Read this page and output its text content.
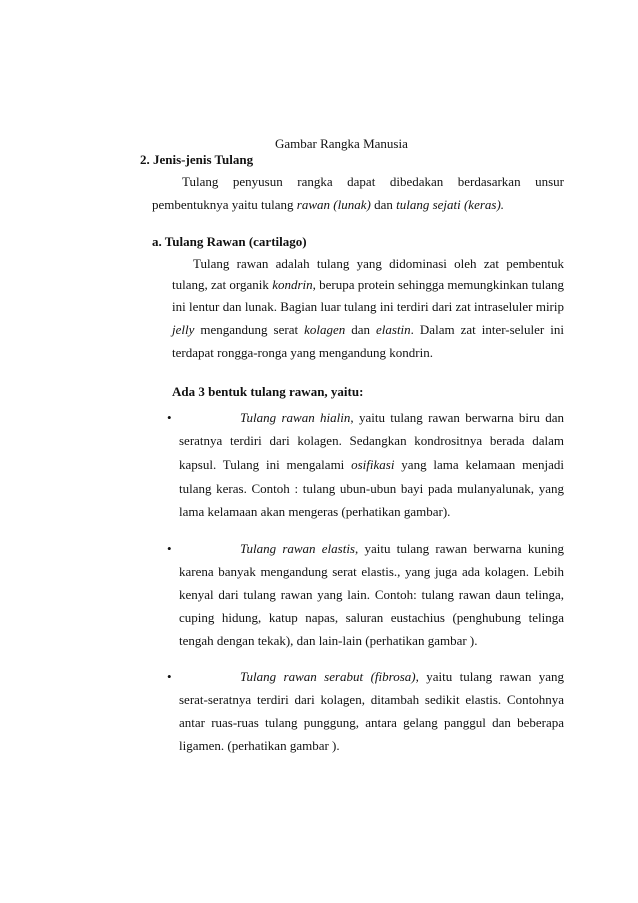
Gambar Rangka Manusia
2. Jenis-jenis Tulang
Tulang penyusun rangka dapat dibedakan berdasarkan unsur
pembentuknya yaitu tulang rawan (lunak) dan tulang sejati (keras).
a. Tulang Rawan (cartilago)
Tulang rawan adalah tulang yang didominasi oleh zat pembentuk
tulang, zat organik kondrin, berupa protein sehingga memungkinkan tulang
ini lentur dan lunak. Bagian luar tulang ini terdiri dari zat intraseluler mirip
jelly mengandung serat kolagen dan elastin. Dalam zat inter-seluler ini
terdapat rongga-ronga yang mengandung kondrin.
Ada 3 bentuk tulang rawan, yaitu:
•	Tulang rawan hialin, yaitu tulang rawan berwarna biru dan
seratnya terdiri dari kolagen. Sedangkan kondrositnya berada dalam
kapsul. Tulang ini mengalami osifikasi yang lama kelamaan menjadi
tulang keras. Contoh : tulang ubun-ubun bayi pada mulanyalunak, yang
lama kelamaan akan mengeras (perhatikan gambar).
•	Tulang rawan elastis, yaitu tulang rawan berwarna kuning
karena banyak mengandung serat elastis., yang juga ada kolagen. Lebih
kenyal dari tulang rawan yang lain. Contoh: tulang rawan daun telinga,
cuping hidung, katup napas, saluran eustachius (penghubung telinga
tengah dengan tekak), dan lain-lain (perhatikan gambar ).
•	Tulang rawan serabut (fibrosa), yaitu tulang rawan yang
serat-seratnya terdiri dari kolagen, ditambah sedikit elastis. Contohnya
antar ruas-ruas tulang punggung, antara gelang panggul dan beberapa
ligamen. (perhatikan gambar ).
